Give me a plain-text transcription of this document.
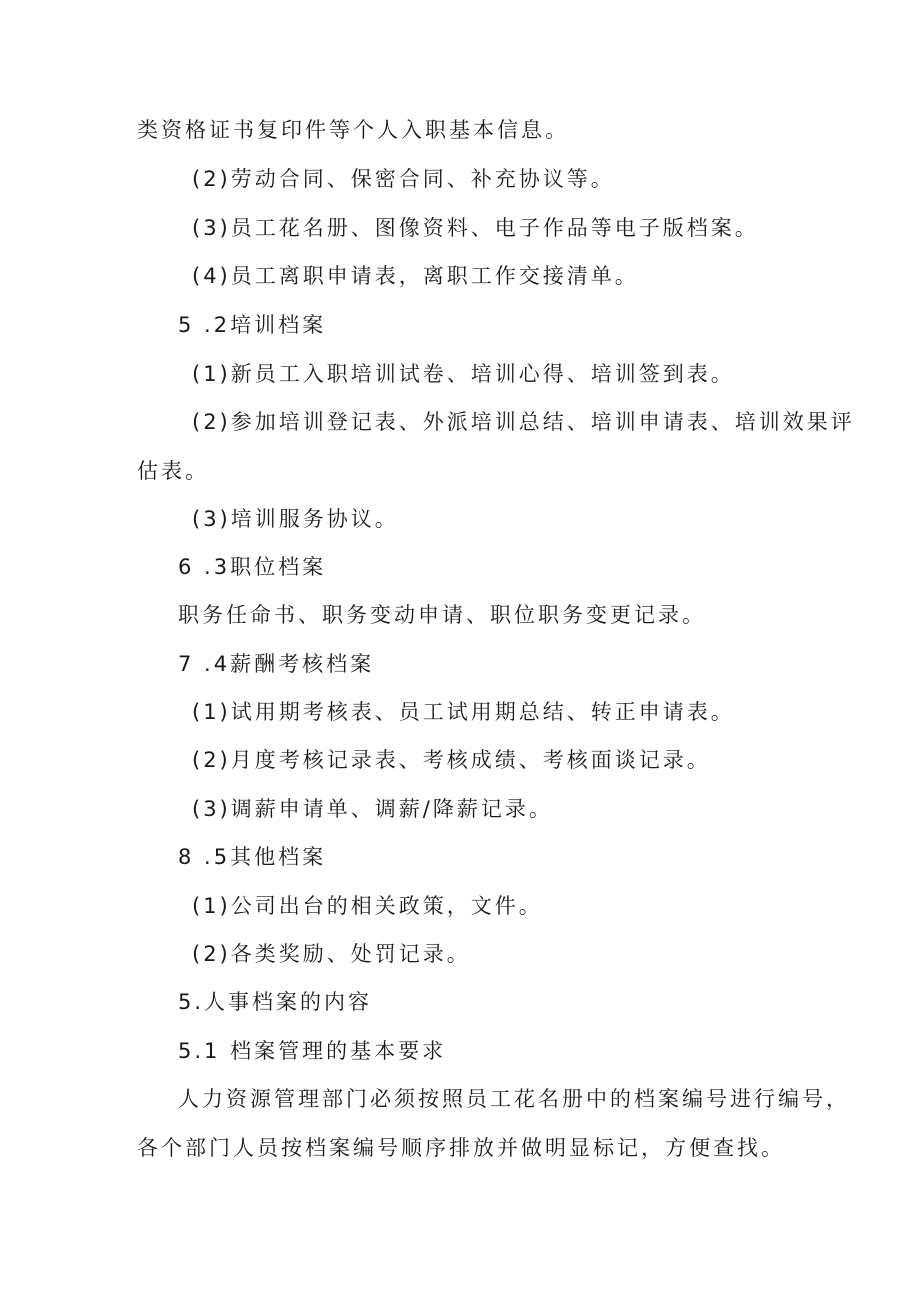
类资格证书复印件等个人入职基本信息。
(2)劳动合同、保密合同、补充协议等。
(3)员工花名册、图像资料、电子作品等电子版档案。
(4)员工离职申请表，离职工作交接清单。
5 .2培训档案
(1)新员工入职培训试卷、培训心得、培训签到表。
(2)参加培训登记表、外派培训总结、培训申请表、培训效果评
估表。
(3)培训服务协议。
6 .3职位档案
职务任命书、职务变动申请、职位职务变更记录。
7 .4薪酬考核档案
(1)试用期考核表、员工试用期总结、转正申请表。
(2)月度考核记录表、考核成绩、考核面谈记录。
(3)调薪申请单、调薪/降薪记录。
8 .5其他档案
(1)公司出台的相关政策，文件。
(2)各类奖励、处罚记录。
5.人事档案的内容
5.1 档案管理的基本要求
人力资源管理部门必须按照员工花名册中的档案编号进行编号，
各个部门人员按档案编号顺序排放并做明显标记，方便查找。
